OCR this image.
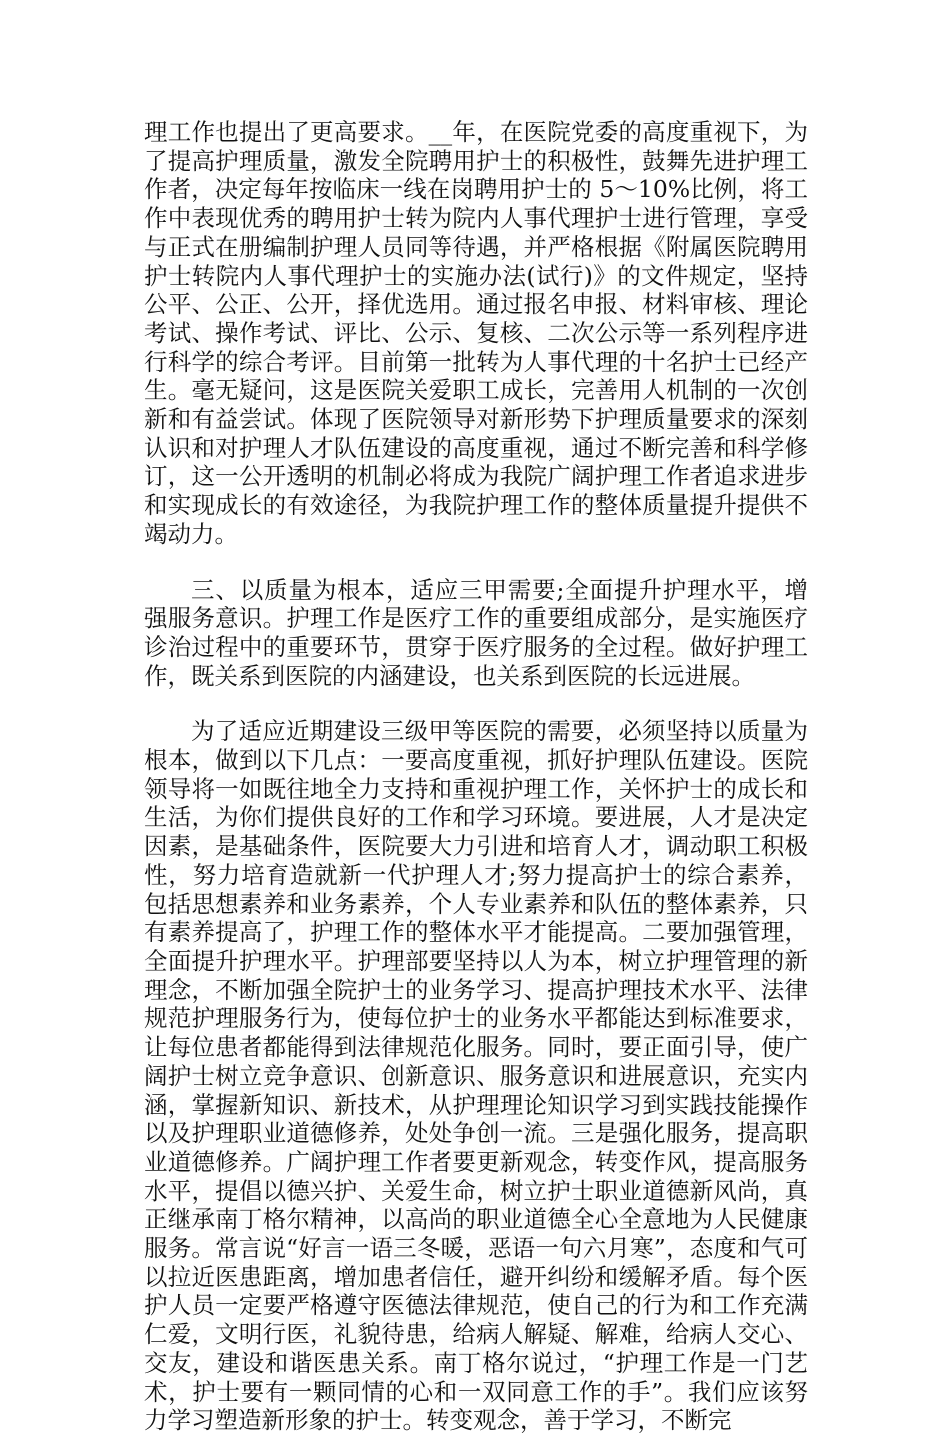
理工作也提出了更高要求。__年，在医院党委的高度重视下，为了提高护理质量，激发全院聘用护士的积极性，鼓舞先进护理工作者，决定每年按临床一线在岗聘用护士的 5～10%比例，将工作中表现优秀的聘用护士转为院内人事代理护士进行管理，享受与正式在册编制护理人员同等待遇，并严格根据《附属医院聘用护士转院内人事代理护士的实施办法(试行)》的文件规定，坚持公平、公正、公开，择优选用。通过报名申报、材料审核、理论考试、操作考试、评比、公示、复核、二次公示等一系列程序进行科学的综合考评。目前第一批转为人事代理的十名护士已经产生。毫无疑问，这是医院关爱职工成长，完善用人机制的一次创新和有益尝试。体现了医院领导对新形势下护理质量要求的深刻认识和对护理人才队伍建设的高度重视，通过不断完善和科学修订，这一公开透明的机制必将成为我院广阔护理工作者追求进步和实现成长的有效途径，为我院护理工作的整体质量提升提供不竭动力。

三、以质量为根本，适应三甲需要;全面提升护理水平，增强服务意识。护理工作是医疗工作的重要组成部分，是实施医疗诊治过程中的重要环节，贯穿于医疗服务的全过程。做好护理工作，既关系到医院的内涵建设，也关系到医院的长远进展。

为了适应近期建设三级甲等医院的需要，必须坚持以质量为根本，做到以下几点：一要高度重视，抓好护理队伍建设。医院领导将一如既往地全力支持和重视护理工作，关怀护士的成长和生活，为你们提供良好的工作和学习环境。要进展，人才是决定因素，是基础条件，医院要大力引进和培育人才，调动职工积极性，努力培育造就新一代护理人才;努力提高护士的综合素养，包括思想素养和业务素养，个人专业素养和队伍的整体素养，只有素养提高了，护理工作的整体水平才能提高。二要加强管理，全面提升护理水平。护理部要坚持以人为本，树立护理管理的新理念，不断加强全院护士的业务学习、提高护理技术水平、法律规范护理服务行为，使每位护士的业务水平都能达到标准要求，让每位患者都能得到法律规范化服务。同时，要正面引导，使广阔护士树立竞争意识、创新意识、服务意识和进展意识，充实内涵，掌握新知识、新技术，从护理理论知识学习到实践技能操作以及护理职业道德修养，处处争创一流。三是强化服务，提高职业道德修养。广阔护理工作者要更新观念，转变作风，提高服务水平，提倡以德兴护、关爱生命，树立护士职业道德新风尚，真正继承南丁格尔精神，以高尚的职业道德全心全意地为人民健康服务。常言说“好言一语三冬暖，恶语一句六月寒”，态度和气可以拉近医患距离，增加患者信任，避开纠纷和缓解矛盾。每个医护人员一定要严格遵守医德法律规范，使自己的行为和工作充满仁爱，文明行医，礼貌待患，给病人解疑、解难，给病人交心、交友，建设和谐医患关系。南丁格尔说过，“护理工作是一门艺术，护士要有一颗同情的心和一双同意工作的手”。我们应该努力学习塑造新形象的护士。转变观念，善于学习，不断完
